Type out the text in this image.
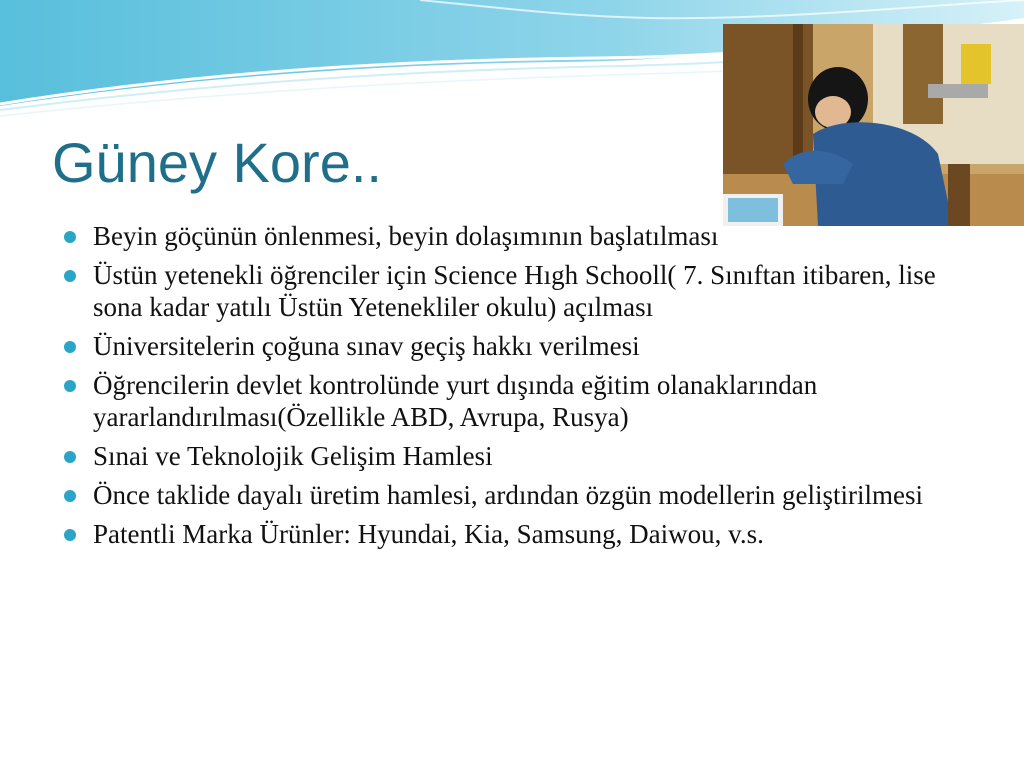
Güney Kore..
Beyin göçünün önlenmesi, beyin dolaşımının başlatılması
Üstün yetenekli öğrenciler için Science Hıgh Schooll( 7. Sınıftan itibaren, lise sona kadar yatılı Üstün Yetenekliler okulu) açılması
Üniversitelerin çoğuna sınav geçiş hakkı verilmesi
Öğrencilerin devlet kontrolünde yurt dışında eğitim olanaklarından yararlandırılması(Özellikle ABD, Avrupa, Rusya)
Sınai ve Teknolojik Gelişim Hamlesi
Önce taklide dayalı üretim hamlesi, ardından özgün modellerin geliştirilmesi
Patentli Marka Ürünler: Hyundai, Kia, Samsung, Daiwou, v.s.
